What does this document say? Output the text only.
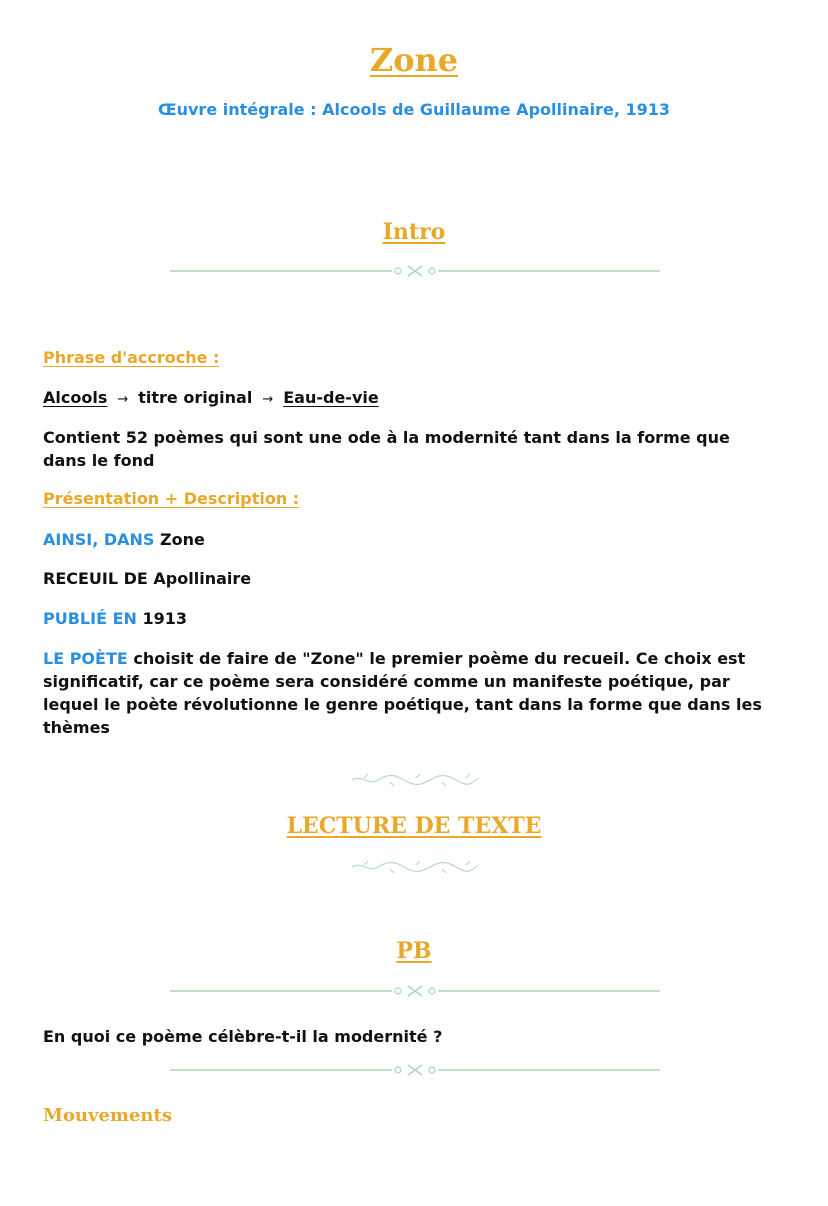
Zone
Œuvre intégrale : Alcools de Guillaume Apollinaire, 1913
Intro
Phrase d'accroche :
Alcools → titre original → Eau-de-vie
Contient 52 poèmes qui sont une ode à la modernité tant dans la forme que dans le fond
Présentation + Description :
AINSI, DANS Zone
RECEUIL DE Apollinaire
PUBLIÉ EN 1913
LE POÈTE choisit de faire de "Zone" le premier poème du recueil. Ce choix est significatif, car ce poème sera considéré comme un manifeste poétique, par lequel le poète révolutionne le genre poétique, tant dans la forme que dans les thèmes
LECTURE DE TEXTE
PB
En quoi ce poème célèbre-t-il la modernité ?
Mouvements
